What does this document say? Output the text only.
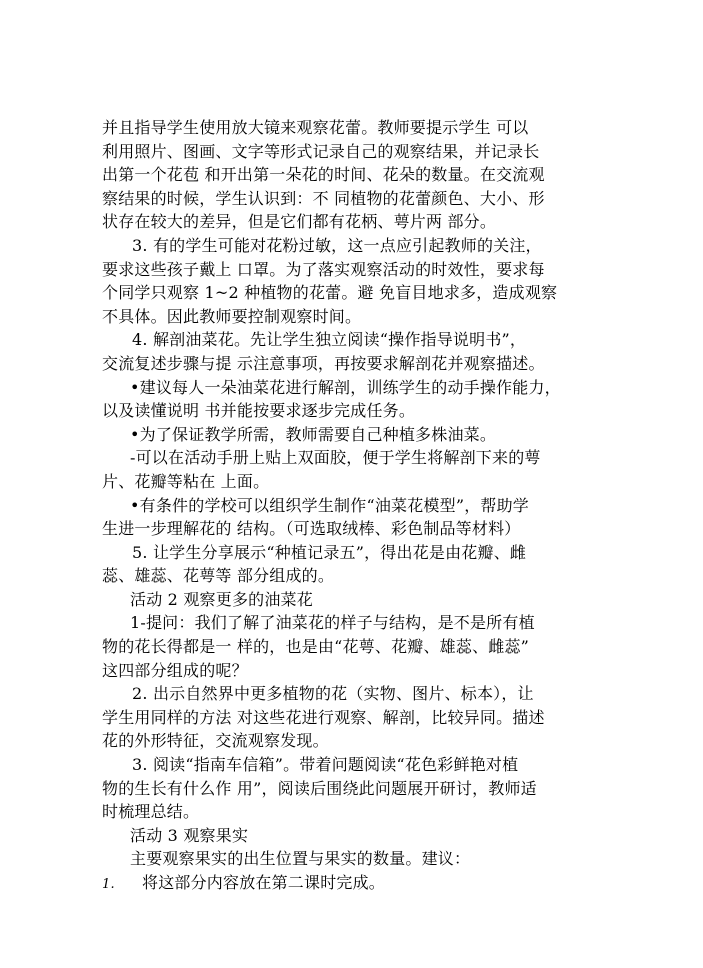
并且指导学生使用放大镜来观察花蕾。教师要提示学生 可以
利用照片、图画、文字等形式记录自己的观察结果，并记录长
出第一个花苞 和开出第一朵花的时间、花朵的数量。在交流观
察结果的时候，学生认识到：不 同植物的花蕾颜色、大小、形
状存在较大的差异，但是它们都有花柄、萼片两 部分。
3. 有的学生可能对花粉过敏，这一点应引起教师的关注，
要求这些孩子戴上 口罩。为了落实观察活动的时效性，要求每
个同学只观察 1~2 种植物的花蕾。避 免盲目地求多，造成观察
不具体。因此教师要控制观察时间。
4. 解剖油菜花。先让学生独立阅读“操作指导说明书”，
交流复述步骤与提 示注意事项，再按要求解剖花并观察描述。
•建议每人一朵油菜花进行解剖，训练学生的动手操作能力，
以及读懂说明 书并能按要求逐步完成任务。
•为了保证教学所需，教师需要自己种植多株油菜。
-可以在活动手册上贴上双面胶，便于学生将解剖下来的萼
片、花瓣等粘在 上面。
•有条件的学校可以组织学生制作“油菜花模型”，帮助学
生进一步理解花的 结构。（可选取绒棒、彩色制品等材料）
5. 让学生分享展示“种植记录五”，得出花是由花瓣、雌
蕊、雄蕊、花萼等 部分组成的。
活动 2 观察更多的油菜花
1-提问：我们了解了油菜花的样子与结构，是不是所有植
物的花长得都是一 样的，也是由“花萼、花瓣、雄蕊、雌蕊”
这四部分组成的呢？
2. 出示自然界中更多植物的花（实物、图片、标本），让
学生用同样的方法 对这些花进行观察、解剖，比较异同。描述
花的外形特征，交流观察发现。
3. 阅读“指南车信箱”。带着问题阅读“花色彩鲜艳对植
物的生长有什么作 用”，阅读后围绕此问题展开研讨，教师适
时梳理总结。
活动 3 观察果实
主要观察果实的出生位置与果实的数量。建议：
1. 将这部分内容放在第二课时完成。
